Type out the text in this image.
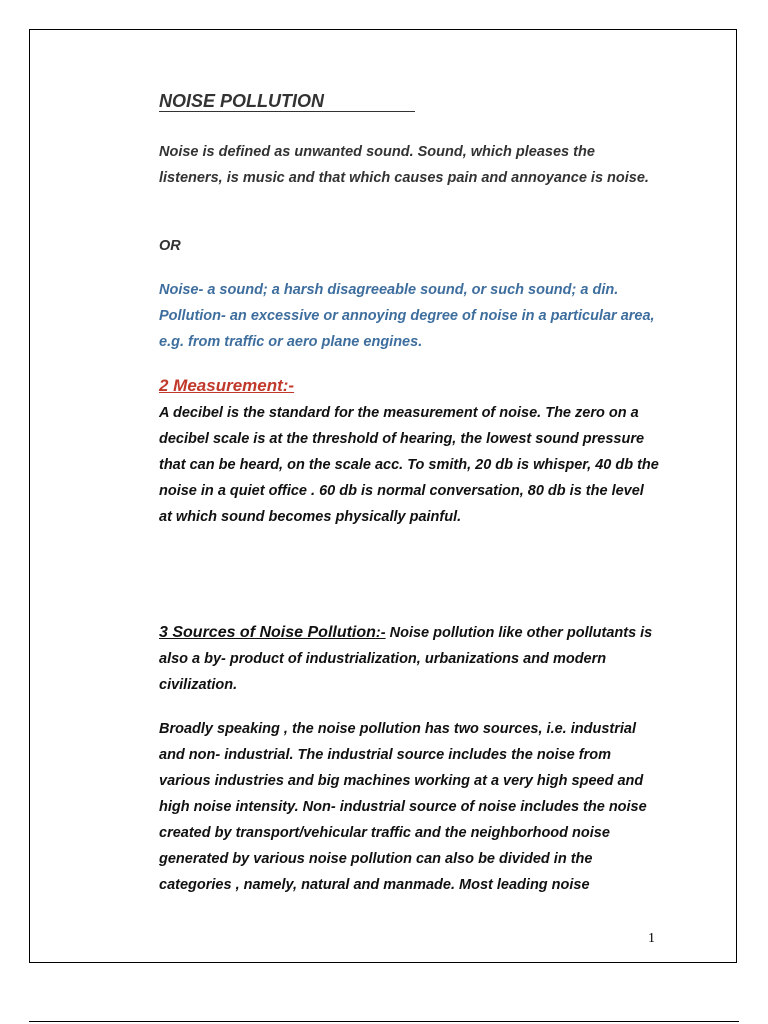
NOISE POLLUTION

Noise is defined as unwanted sound. Sound, which pleases the listeners, is music and that which causes pain and annoyance is noise.

OR

Noise- a sound; a harsh disagreeable sound, or such sound; a din.

Pollution- an excessive or annoying degree of noise in a particular area, e.g. from traffic or aero plane engines.

2 Measurement:-

A decibel is the standard for the measurement of noise. The zero on a decibel scale is at the threshold of hearing, the lowest sound pressure that can be heard, on the scale acc. To smith, 20 db is whisper, 40 db the noise in a quiet office . 60 db is normal conversation, 80 db is the level at which sound becomes physically painful.

3 Sources of Noise Pollution:- Noise pollution like other pollutants is also a by- product of industrialization, urbanizations and modern civilization.

Broadly speaking , the noise pollution has two sources, i.e. industrial and non- industrial. The industrial source includes the noise from various industries and big machines working at a very high speed and high noise intensity. Non- industrial source of noise includes the noise created by transport/vehicular traffic and the neighborhood noise generated by various noise pollution can also be divided in the categories , namely, natural and manmade. Most leading noise

1
